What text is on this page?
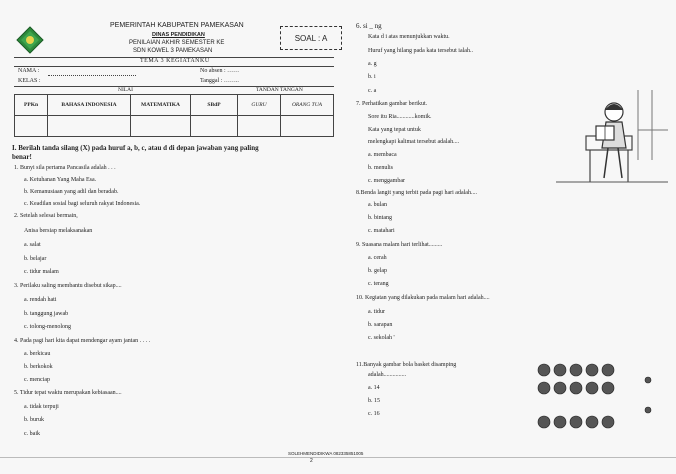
PEMERINTAH KABUPATEN PAMEKASAN
DINAS PENDIDIKAN
PENILAIAN AKHIR SEMESTER KE
SDN KOWEL 3 PAMEKASAN
SOAL : A
TEMA 3 KEGIATANKU
NAMA :	No absen : ……
KELAS :	Tanggal : ……..
NILAI	TANDAN TANGAN
PPKn	BAHASA INDONESIA	MATEMATIKA	SBdP	GURU	ORANG TUA

I. Berilah tanda silang (X) pada huruf a, b, c, atau d di depan jawaban yang paling
benar!
1. Bunyi sila pertama Pancasila adalah . . .
a. Ketuhanan Yang Maha Esa.
b. Kemanusiaan yang adil dan beradab.
c. Keadilan sosial bagi seluruh rakyat Indonesia.
2. Setelah selesai bermain,
Anisa bersiap melaksanakan
a. salat
b. belajar
c. tidur malam
3. Perilaku saling membantu disebut sikap....
a. rendah hati
b. tanggung jawab
c. tolong-menolong
4. Pada pagi hari kita dapat mendengar ayam jantan . . . .
a. berkicau
b. berkokok
c. menciap
5. Tidur tepat waktu merupakan kebiasaan....
a. tidak terpuji
b. buruk
c. baik
6. si _ ng
Kata d i atas menunjukkan waktu.
Huruf yang hilang pada kata tersebut ialah..
a. g
b. i
c. a
7. Perhatikan gambar berikut.
Sore itu Ria............komik.
Kata yang tepat untuk
melengkapi kalimat tersebut adalah....
a. membaca
b. menulis
c. menggambar
8.Benda langit yang terbit pada pagi hari adalah....
a. bulan
b. bintang
c. matahari
9. Suasana malam hari terlihat.........
a. cerah
b. gelap
c. terang
10. Kegiatan yang dilakukan pada malam hari adalah....
a. tidur
b. sarapan
c. sekolah '
11.Banyak gambar bola basket disamping
adalah...............
a. 14
b. 15
c. 16
SOLEHMENDIDIKWA 082335851005
2
